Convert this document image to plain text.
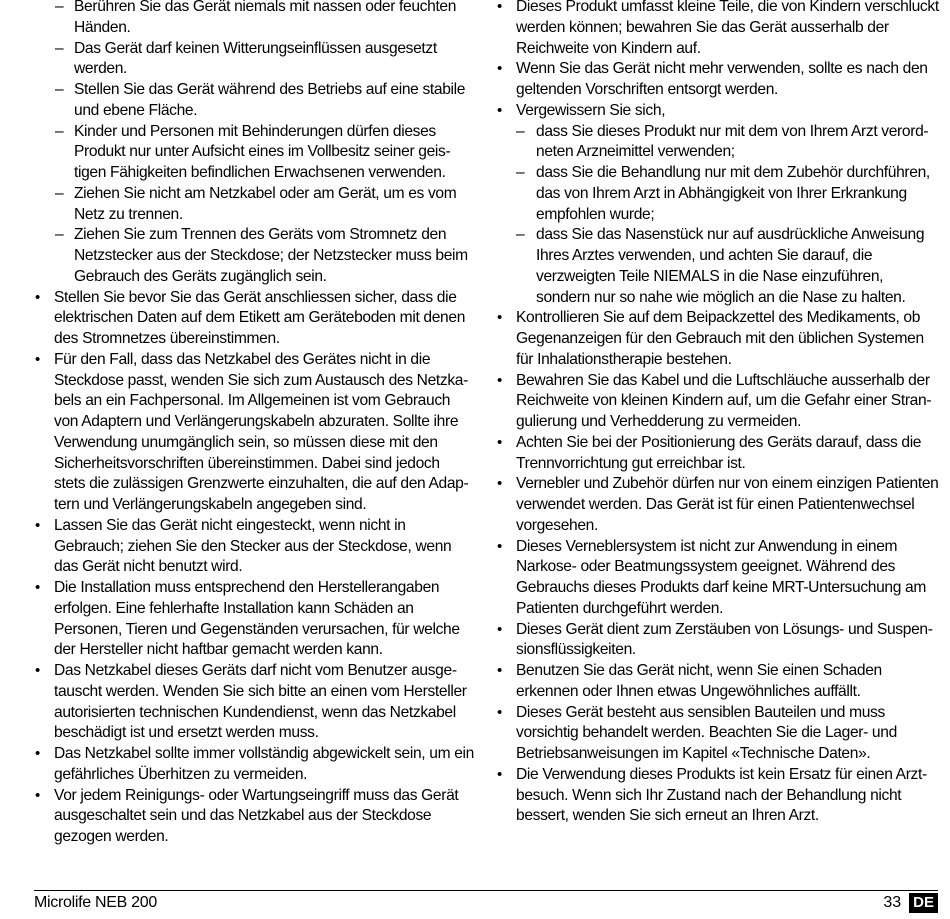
– Berühren Sie das Gerät niemals mit nassen oder feuchten Händen.
– Das Gerät darf keinen Witterungseinflüssen ausgesetzt werden.
– Stellen Sie das Gerät während des Betriebs auf eine stabile und ebene Fläche.
– Kinder und Personen mit Behinderungen dürfen dieses Produkt nur unter Aufsicht eines im Vollbesitz seiner geistigen Fähigkeiten befindlichen Erwachsenen verwenden.
– Ziehen Sie nicht am Netzkabel oder am Gerät, um es vom Netz zu trennen.
– Ziehen Sie zum Trennen des Geräts vom Stromnetz den Netzstecker aus der Steckdose; der Netzstecker muss beim Gebrauch des Geräts zugänglich sein.
• Stellen Sie bevor Sie das Gerät anschliessen sicher, dass die elektrischen Daten auf dem Etikett am Geräteboden mit denen des Stromnetzes übereinstimmen.
• Für den Fall, dass das Netzkabel des Gerätes nicht in die Steckdose passt, wenden Sie sich zum Austausch des Netzkabels an ein Fachpersonal. Im Allgemeinen ist vom Gebrauch von Adaptern und Verlängerungskabeln abzuraten. Sollte ihre Verwendung unumgänglich sein, so müssen diese mit den Sicherheitsvorschriften übereinstimmen. Dabei sind jedoch stets die zulässigen Grenzwerte einzuhalten, die auf den Adaptern und Verlängerungskabeln angegeben sind.
• Lassen Sie das Gerät nicht eingesteckt, wenn nicht in Gebrauch; ziehen Sie den Stecker aus der Steckdose, wenn das Gerät nicht benutzt wird.
• Die Installation muss entsprechend den Herstellerangaben erfolgen. Eine fehlerhafte Installation kann Schäden an Personen, Tieren und Gegenständen verursachen, für welche der Hersteller nicht haftbar gemacht werden kann.
• Das Netzkabel dieses Geräts darf nicht vom Benutzer ausgetauscht werden. Wenden Sie sich bitte an einen vom Hersteller autorisierten technischen Kundendienst, wenn das Netzkabel beschädigt ist und ersetzt werden muss.
• Das Netzkabel sollte immer vollständig abgewickelt sein, um ein gefährliches Überhitzen zu vermeiden.
• Vor jedem Reinigungs- oder Wartungseingriff muss das Gerät ausgeschaltet sein und das Netzkabel aus der Steckdose gezogen werden.
• Dieses Produkt umfasst kleine Teile, die von Kindern verschluckt werden können; bewahren Sie das Gerät ausserhalb der Reichweite von Kindern auf.
• Wenn Sie das Gerät nicht mehr verwenden, sollte es nach den geltenden Vorschriften entsorgt werden.
• Vergewissern Sie sich,
– dass Sie dieses Produkt nur mit dem von Ihrem Arzt verordneten Arzneimittel verwenden;
– dass Sie die Behandlung nur mit dem Zubehör durchführen, das von Ihrem Arzt in Abhängigkeit von Ihrer Erkrankung empfohlen wurde;
– dass Sie das Nasenstück nur auf ausdrückliche Anweisung Ihres Arztes verwenden, und achten Sie darauf, die verzweigten Teile NIEMALS in die Nase einzuführen, sondern nur so nahe wie möglich an die Nase zu halten.
• Kontrollieren Sie auf dem Beipackzettel des Medikaments, ob Gegenanzeigen für den Gebrauch mit den üblichen Systemen für Inhalationstherapie bestehen.
• Bewahren Sie das Kabel und die Luftschläuche ausserhalb der Reichweite von kleinen Kindern auf, um die Gefahr einer Strangulierung und Verhedderung zu vermeiden.
• Achten Sie bei der Positionierung des Geräts darauf, dass die Trennvorrichtung gut erreichbar ist.
• Vernebler und Zubehör dürfen nur von einem einzigen Patienten verwendet werden. Das Gerät ist für einen Patientenwechsel vorgesehen.
• Dieses Verneblersystem ist nicht zur Anwendung in einem Narkose- oder Beatmungssystem geeignet. Während des Gebrauchs dieses Produkts darf keine MRT-Untersuchung am Patienten durchgeführt werden.
• Dieses Gerät dient zum Zerstäuben von Lösungs- und Suspensionsflüssigkeiten.
• Benutzen Sie das Gerät nicht, wenn Sie einen Schaden erkennen oder Ihnen etwas Ungewöhnliches auffällt.
• Dieses Gerät besteht aus sensiblen Bauteilen und muss vorsichtig behandelt werden. Beachten Sie die Lager- und Betriebsanweisungen im Kapitel «Technische Daten».
• Die Verwendung dieses Produkts ist kein Ersatz für einen Arztbesuch. Wenn sich Ihr Zustand nach der Behandlung nicht bessert, wenden Sie sich erneut an Ihren Arzt.
Microlife NEB 200	33 DE
